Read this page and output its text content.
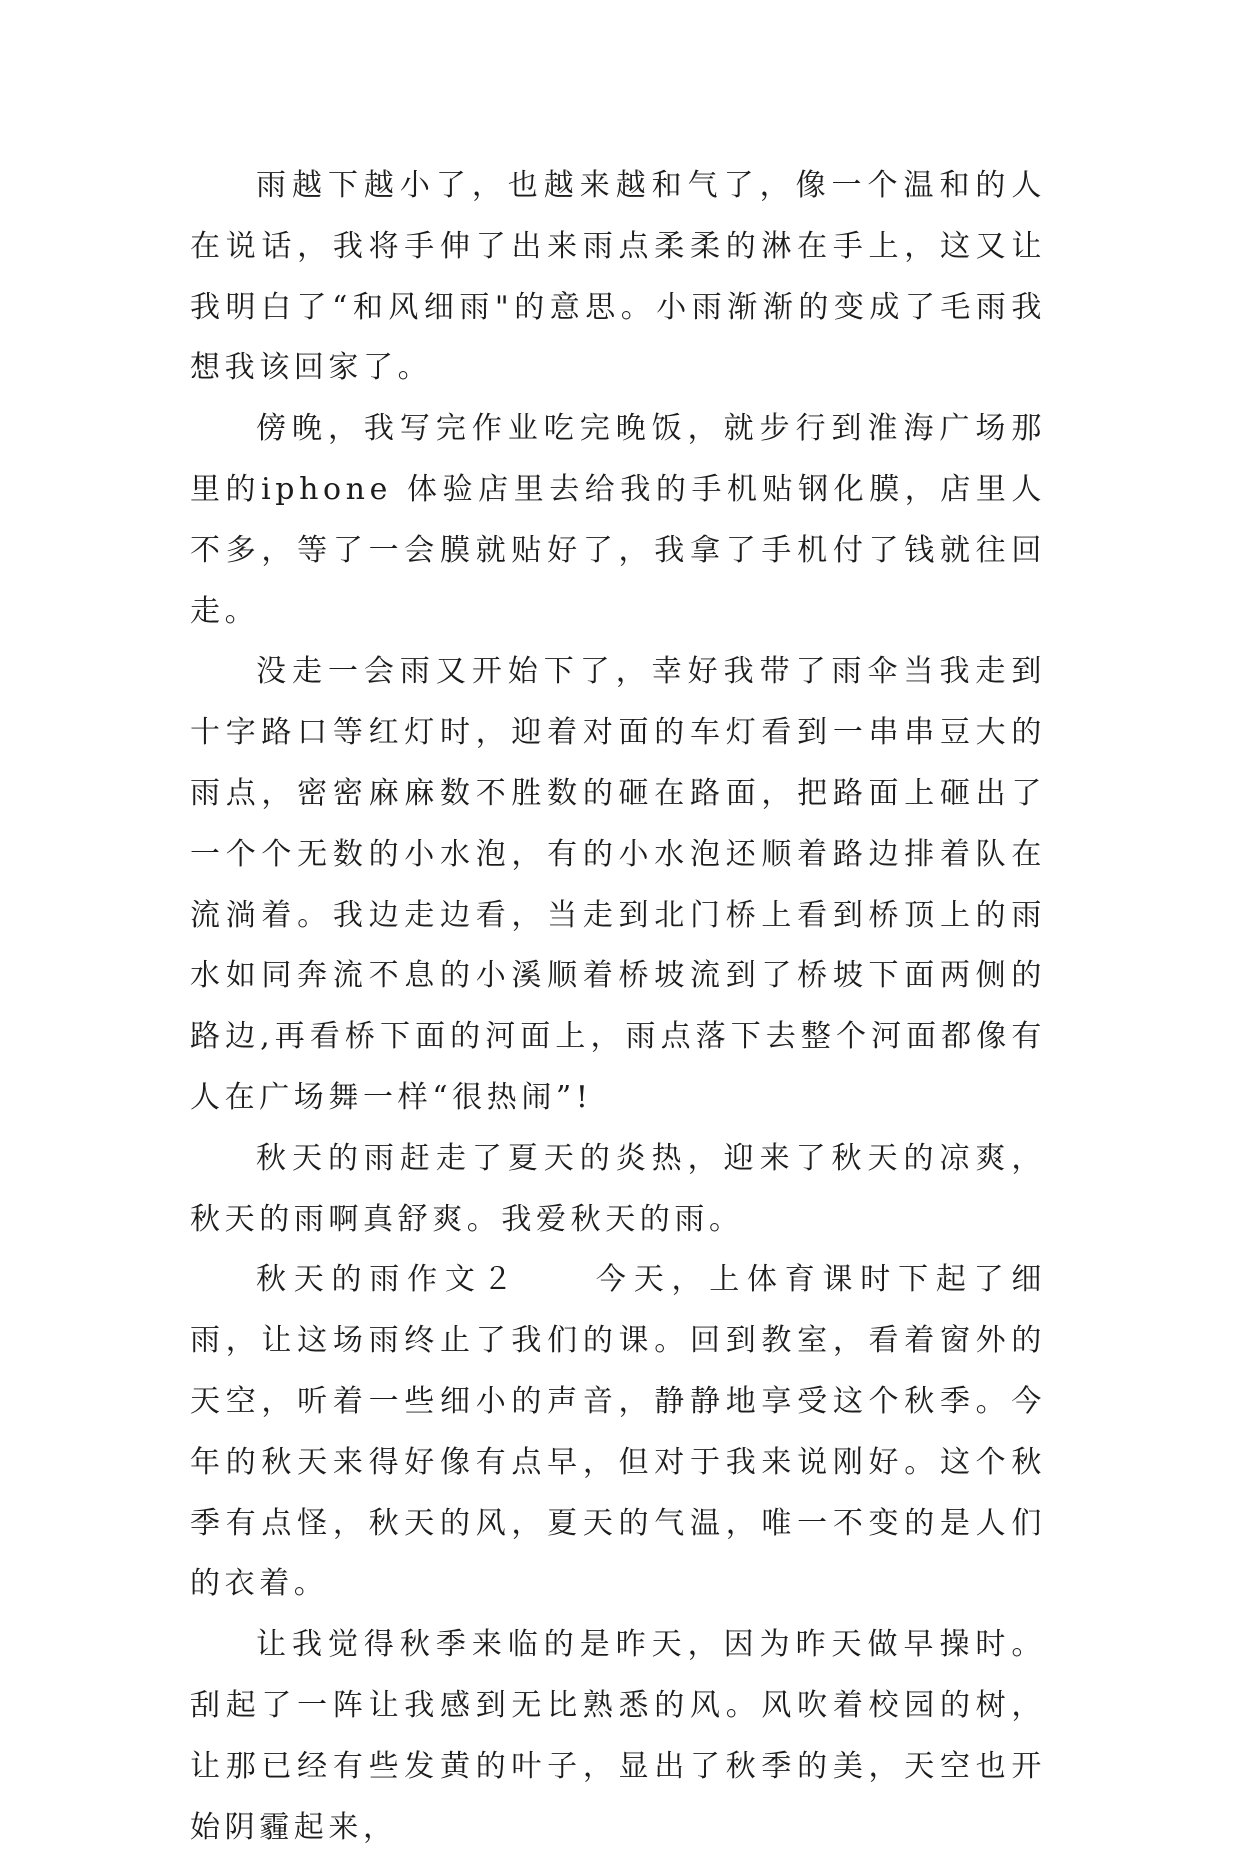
雨越下越小了，也越来越和气了，像一个温和的人在说话，我将手伸了出来雨点柔柔的淋在手上，这又让我明白了“和风细雨"的意思。小雨渐渐的变成了毛雨我想我该回家了。

傍晚，我写完作业吃完晚饭，就步行到淮海广场那里的iphone 体验店里去给我的手机贴钢化膜，店里人不多，等了一会膜就贴好了，我拿了手机付了钱就往回走。

没走一会雨又开始下了，幸好我带了雨伞当我走到十字路口等红灯时，迎着对面的车灯看到一串串豆大的雨点，密密麻麻数不胜数的砸在路面，把路面上砸出了一个个无数的小水泡，有的小水泡还顺着路边排着队在流淌着。我边走边看，当走到北门桥上看到桥顶上的雨水如同奔流不息的小溪顺着桥坡流到了桥坡下面两侧的路边,再看桥下面的河面上，雨点落下去整个河面都像有人在广场舞一样“很热闹”!

秋天的雨赶走了夏天的炎热，迎来了秋天的凉爽，秋天的雨啊真舒爽。我爱秋天的雨。

秋天的雨作文２　　今天，上体育课时下起了细雨，让这场雨终止了我们的课。回到教室，看着窗外的天空，听着一些细小的声音，静静地享受这个秋季。今年的秋天来得好像有点早，但对于我来说刚好。这个秋季有点怪，秋天的风，夏天的气温，唯一不变的是人们的衣着。

让我觉得秋季来临的是昨天，因为昨天做早操时。刮起了一阵让我感到无比熟悉的风。风吹着校园的树，让那已经有些发黄的叶子，显出了秋季的美，天空也开始阴霾起来，
